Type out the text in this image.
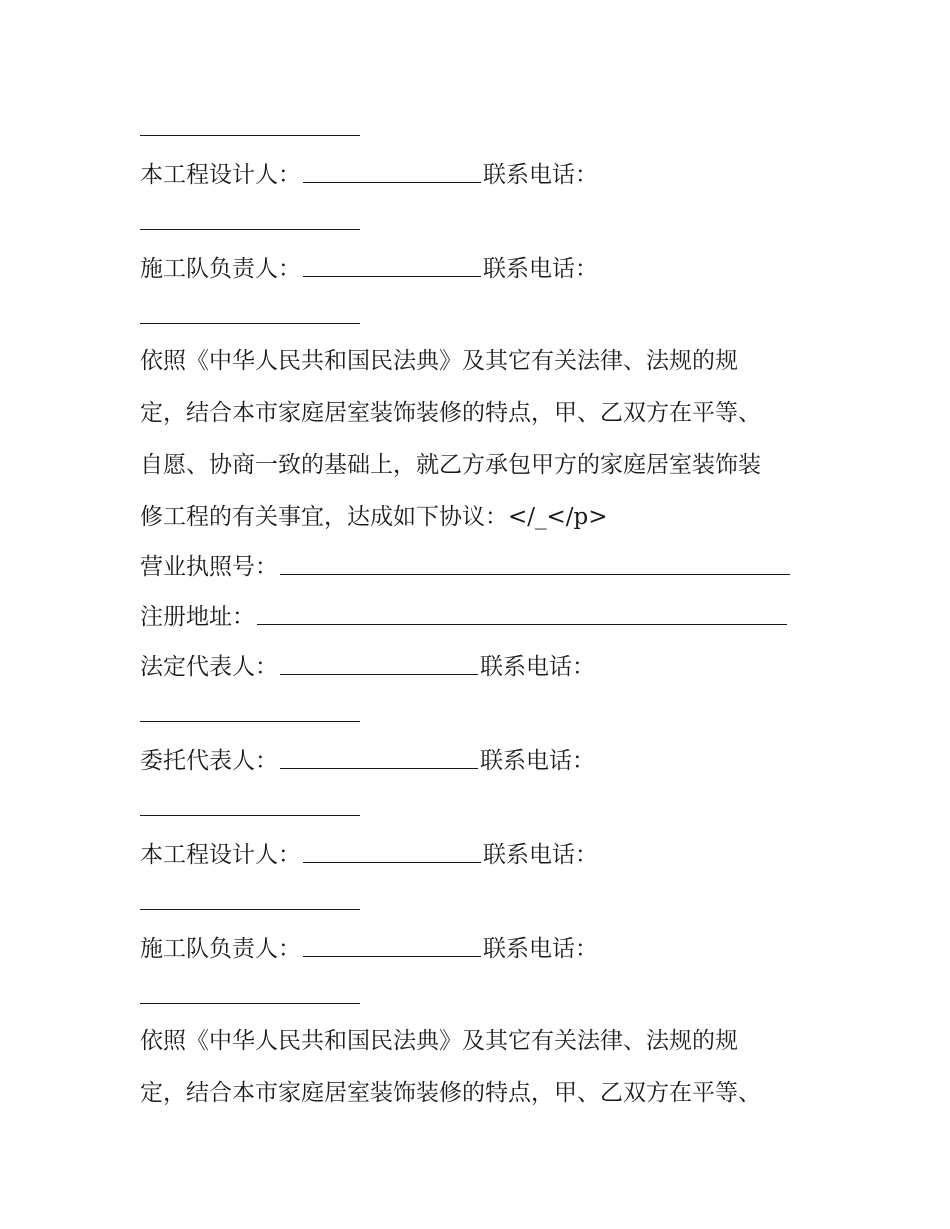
本工程设计人：	联系电话：
施工队负责人：	联系电话：
依照《中华人民共和国民法典》及其它有关法律、法规的规
定，结合本市家庭居室装饰装修的特点，甲、乙双方在平等、
自愿、协商一致的基础上，就乙方承包甲方的家庭居室装饰装
修工程的有关事宜，达成如下协议：</_</p>
营业执照号：
注册地址：
法定代表人：	联系电话：
委托代表人：	联系电话：
本工程设计人：	联系电话：
施工队负责人：	联系电话：
依照《中华人民共和国民法典》及其它有关法律、法规的规
定，结合本市家庭居室装饰装修的特点，甲、乙双方在平等、
